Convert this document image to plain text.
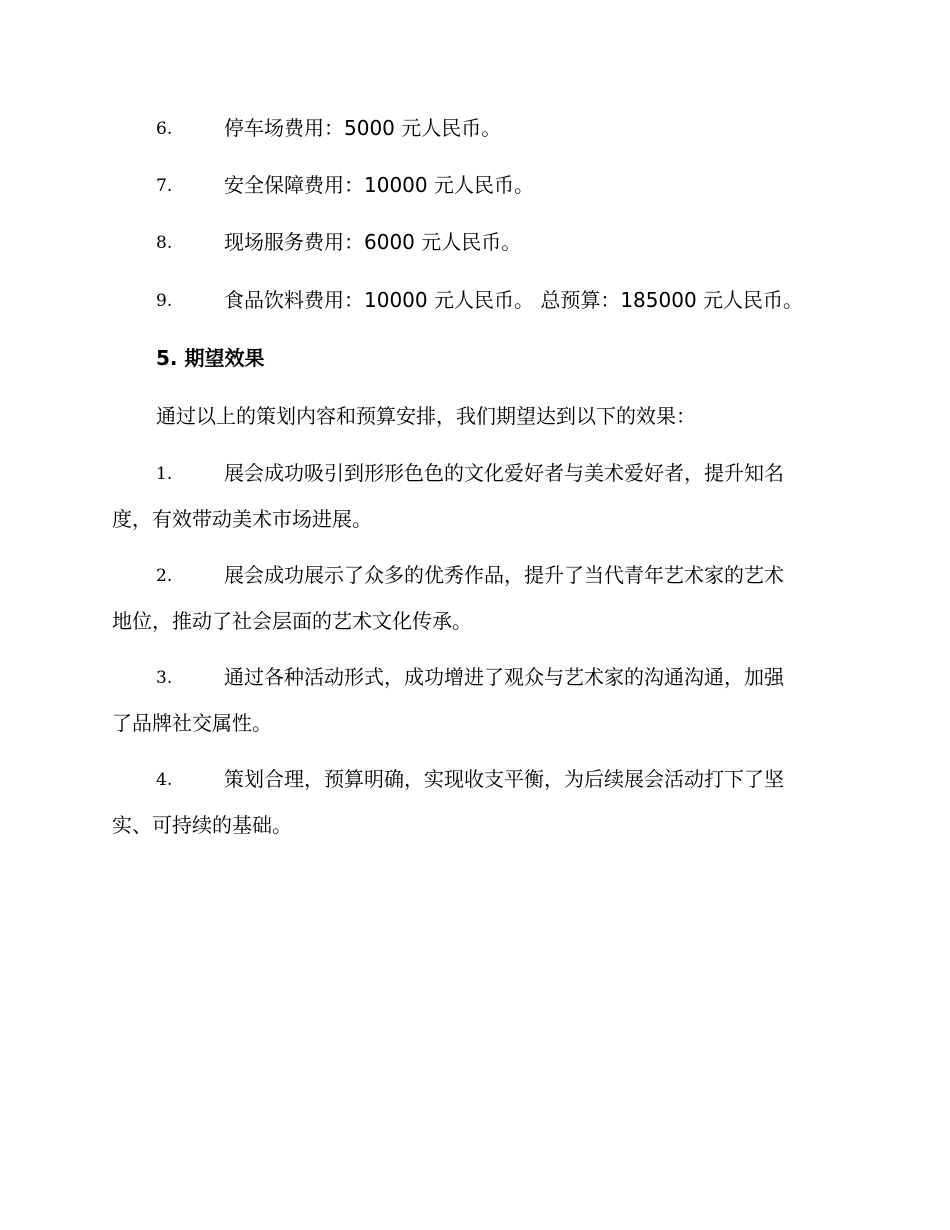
6.	停车场费用：5000 元人民币。
7.	安全保障费用：10000 元人民币。
8.	现场服务费用：6000 元人民币。
9.	食品饮料费用：10000 元人民币。 总预算：185000 元人民币。
5. 期望效果
通过以上的策划内容和预算安排，我们期望达到以下的效果：
1.	展会成功吸引到形形色色的文化爱好者与美术爱好者，提升知名
度，有效带动美术市场进展。
2.	展会成功展示了众多的优秀作品，提升了当代青年艺术家的艺术
地位，推动了社会层面的艺术文化传承。
3.	通过各种活动形式，成功增进了观众与艺术家的沟通沟通，加强
了品牌社交属性。
4.	策划合理，预算明确，实现收支平衡，为后续展会活动打下了坚
实、可持续的基础。
